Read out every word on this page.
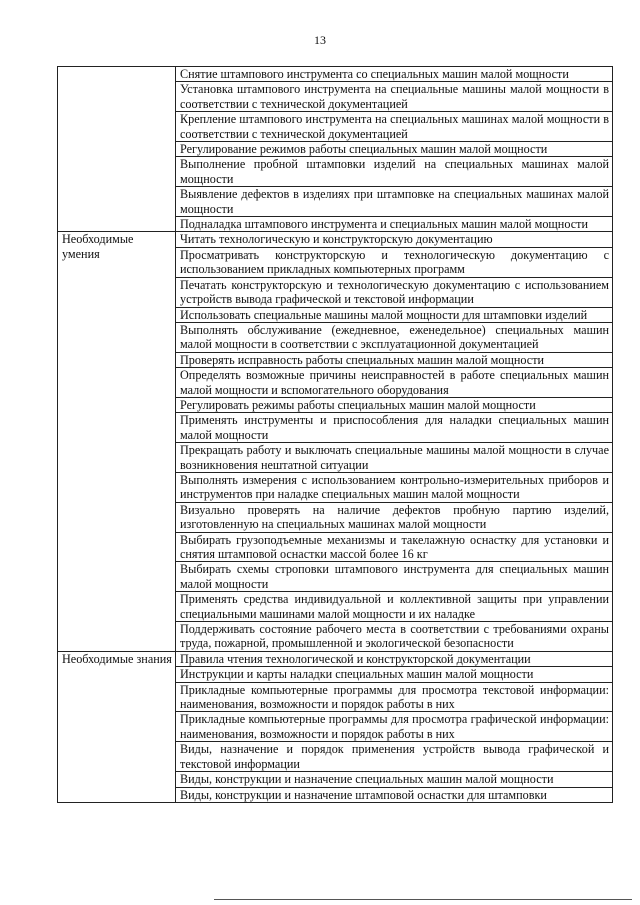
13
	Снятие штампового инструмента со специальных машин малой мощности
	Установка штампового инструмента на специальные машины малой мощности в соответствии с технической документацией
	Крепление штампового инструмента на специальных машинах малой мощности в соответствии с технической документацией
	Регулирование режимов работы специальных машин малой мощности
	Выполнение пробной штамповки изделий на специальных машинах малой мощности
	Выявление дефектов в изделиях при штамповке на специальных машинах малой мощности
	Подналадка штампового инструмента и специальных машин малой мощности
Необходимые умения	Читать технологическую и конструкторскую документацию
	Просматривать конструкторскую и технологическую документацию с использованием прикладных компьютерных программ
	Печатать конструкторскую и технологическую документацию с использованием устройств вывода графической и текстовой информации
	Использовать специальные машины малой мощности для штамповки изделий
	Выполнять обслуживание (ежедневное, еженедельное) специальных машин малой мощности в соответствии с эксплуатационной документацией
	Проверять исправность работы специальных машин малой мощности
	Определять возможные причины неисправностей в работе специальных машин малой мощности и вспомогательного оборудования
	Регулировать режимы работы специальных машин малой мощности
	Применять инструменты и приспособления для наладки специальных машин малой мощности
	Прекращать работу и выключать специальные машины малой мощности в случае возникновения нештатной ситуации
	Выполнять измерения с использованием контрольно-измерительных приборов и инструментов при наладке специальных машин малой мощности
	Визуально проверять на наличие дефектов пробную партию изделий, изготовленную на специальных машинах малой мощности
	Выбирать грузоподъемные механизмы и такелажную оснастку для установки и снятия штамповой оснастки массой более 16 кг
	Выбирать схемы строповки штампового инструмента для специальных машин малой мощности
	Применять средства индивидуальной и коллективной защиты при управлении специальными машинами малой мощности и их наладке
	Поддерживать состояние рабочего места в соответствии с требованиями охраны труда, пожарной, промышленной и экологической безопасности
Необходимые знания	Правила чтения технологической и конструкторской документации
	Инструкции и карты наладки специальных машин малой мощности
	Прикладные компьютерные программы для просмотра текстовой информации: наименования, возможности и порядок работы в них
	Прикладные компьютерные программы для просмотра графической информации: наименования, возможности и порядок работы в них
	Виды, назначение и порядок применения устройств вывода графической и текстовой информации
	Виды, конструкции и назначение специальных машин малой мощности
	Виды, конструкции и назначение штамповой оснастки для штамповки
